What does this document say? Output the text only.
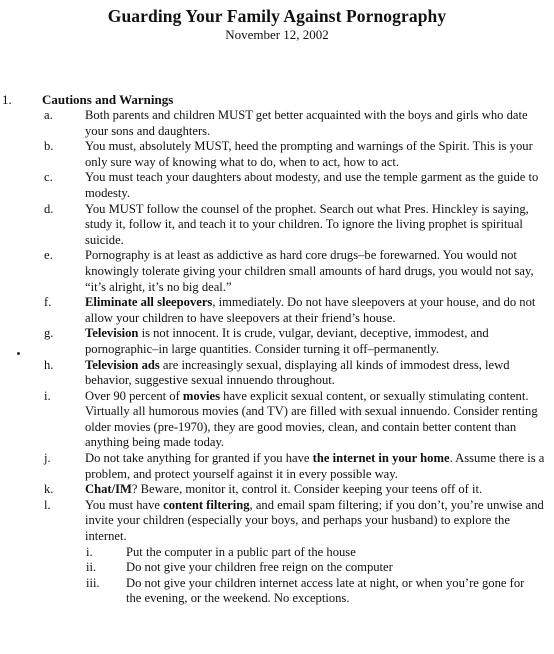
Guarding Your Family Against Pornography
November 12, 2002
1. Cautions and Warnings
a.	Both parents and children MUST get better acquainted with the boys and girls who date your sons and daughters.
b.	You must, absolutely MUST, heed the prompting and warnings of the Spirit. This is your only sure way of knowing what to do, when to act, how to act.
c.	You must teach your daughters about modesty, and use the temple garment as the guide to modesty.
d.	You MUST follow the counsel of the prophet. Search out what Pres. Hinckley is saying, study it, follow it, and teach it to your children. To ignore the living prophet is spiritual suicide.
e.	Pornography is at least as addictive as hard core drugs–be forewarned. You would not knowingly tolerate giving your children small amounts of hard drugs, you would not say, “it’s alright, it’s no big deal.”
f.	Eliminate all sleepovers, immediately. Do not have sleepovers at your house, and do not allow your children to have sleepovers at their friend’s house.
g.	Television is not innocent. It is crude, vulgar, deviant, deceptive, immodest, and pornographic–in large quantities. Consider turning it off–permanently.
h.	Television ads are increasingly sexual, displaying all kinds of immodest dress, lewd behavior, suggestive sexual innuendo throughout.
i.	Over 90 percent of movies have explicit sexual content, or sexually stimulating content. Virtually all humorous movies (and TV) are filled with sexual innuendo. Consider renting older movies (pre-1970), they are good movies, clean, and contain better content than anything being made today.
j.	Do not take anything for granted if you have the internet in your home. Assume there is a problem, and protect yourself against it in every possible way.
k.	Chat/IM? Beware, monitor it, control it. Consider keeping your teens off of it.
l.	You must have content filtering, and email spam filtering; if you don’t, you’re unwise and invite your children (especially your boys, and perhaps your husband) to explore the internet.
i.	Put the computer in a public part of the house
ii. Do not give your children free reign on the computer
iii. Do not give your children internet access late at night, or when you’re gone for the evening, or the weekend. No exceptions.
